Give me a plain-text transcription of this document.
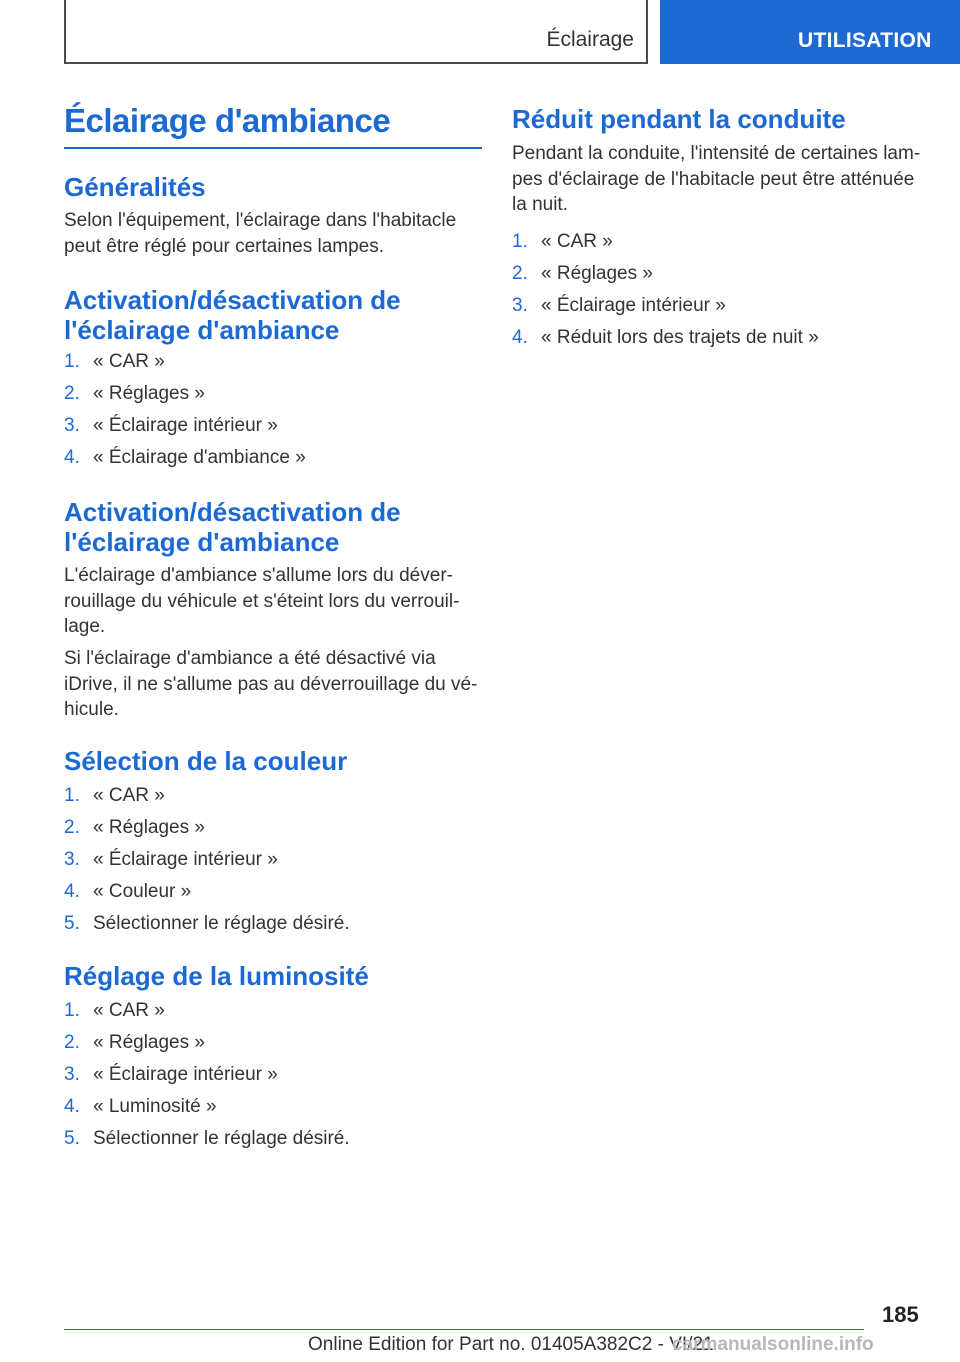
Éclairage	UTILISATION
Éclairage d'ambiance
Généralités

Selon l'équipement, l'éclairage dans l'habitacle
peut être réglé pour certaines lampes.

Activation/désactivation de
l'éclairage d'ambiance
1. « CAR »
2. « Réglages »
3. « Éclairage intérieur »
4. « Éclairage d'ambiance »
Activation/désactivation de
l'éclairage d'ambiance

L'éclairage d'ambiance s'allume lors du déver-
rouillage du véhicule et s'éteint lors du verrouil-
lage.

Si l'éclairage d'ambiance a été désactivé via
iDrive, il ne s'allume pas au déverrouillage du vé-
hicule.

Sélection de la couleur
1. « CAR »
2. « Réglages »
3. « Éclairage intérieur »
4. « Couleur »
5. Sélectionner le réglage désiré.
Réglage de la luminosité
1. « CAR »
2. « Réglages »
3. « Éclairage intérieur »
4. « Luminosité »
5. Sélectionner le réglage désiré.
Réduit pendant la conduite

Pendant la conduite, l'intensité de certaines lam-
pes d'éclairage de l'habitacle peut être atténuée
la nuit.

1. « CAR »
2. « Réglages »
3. « Éclairage intérieur »
4. « Réduit lors des trajets de nuit »
185
Online Edition for Part no. 01405A382C2 - VI/21
carmanualsonline.info
